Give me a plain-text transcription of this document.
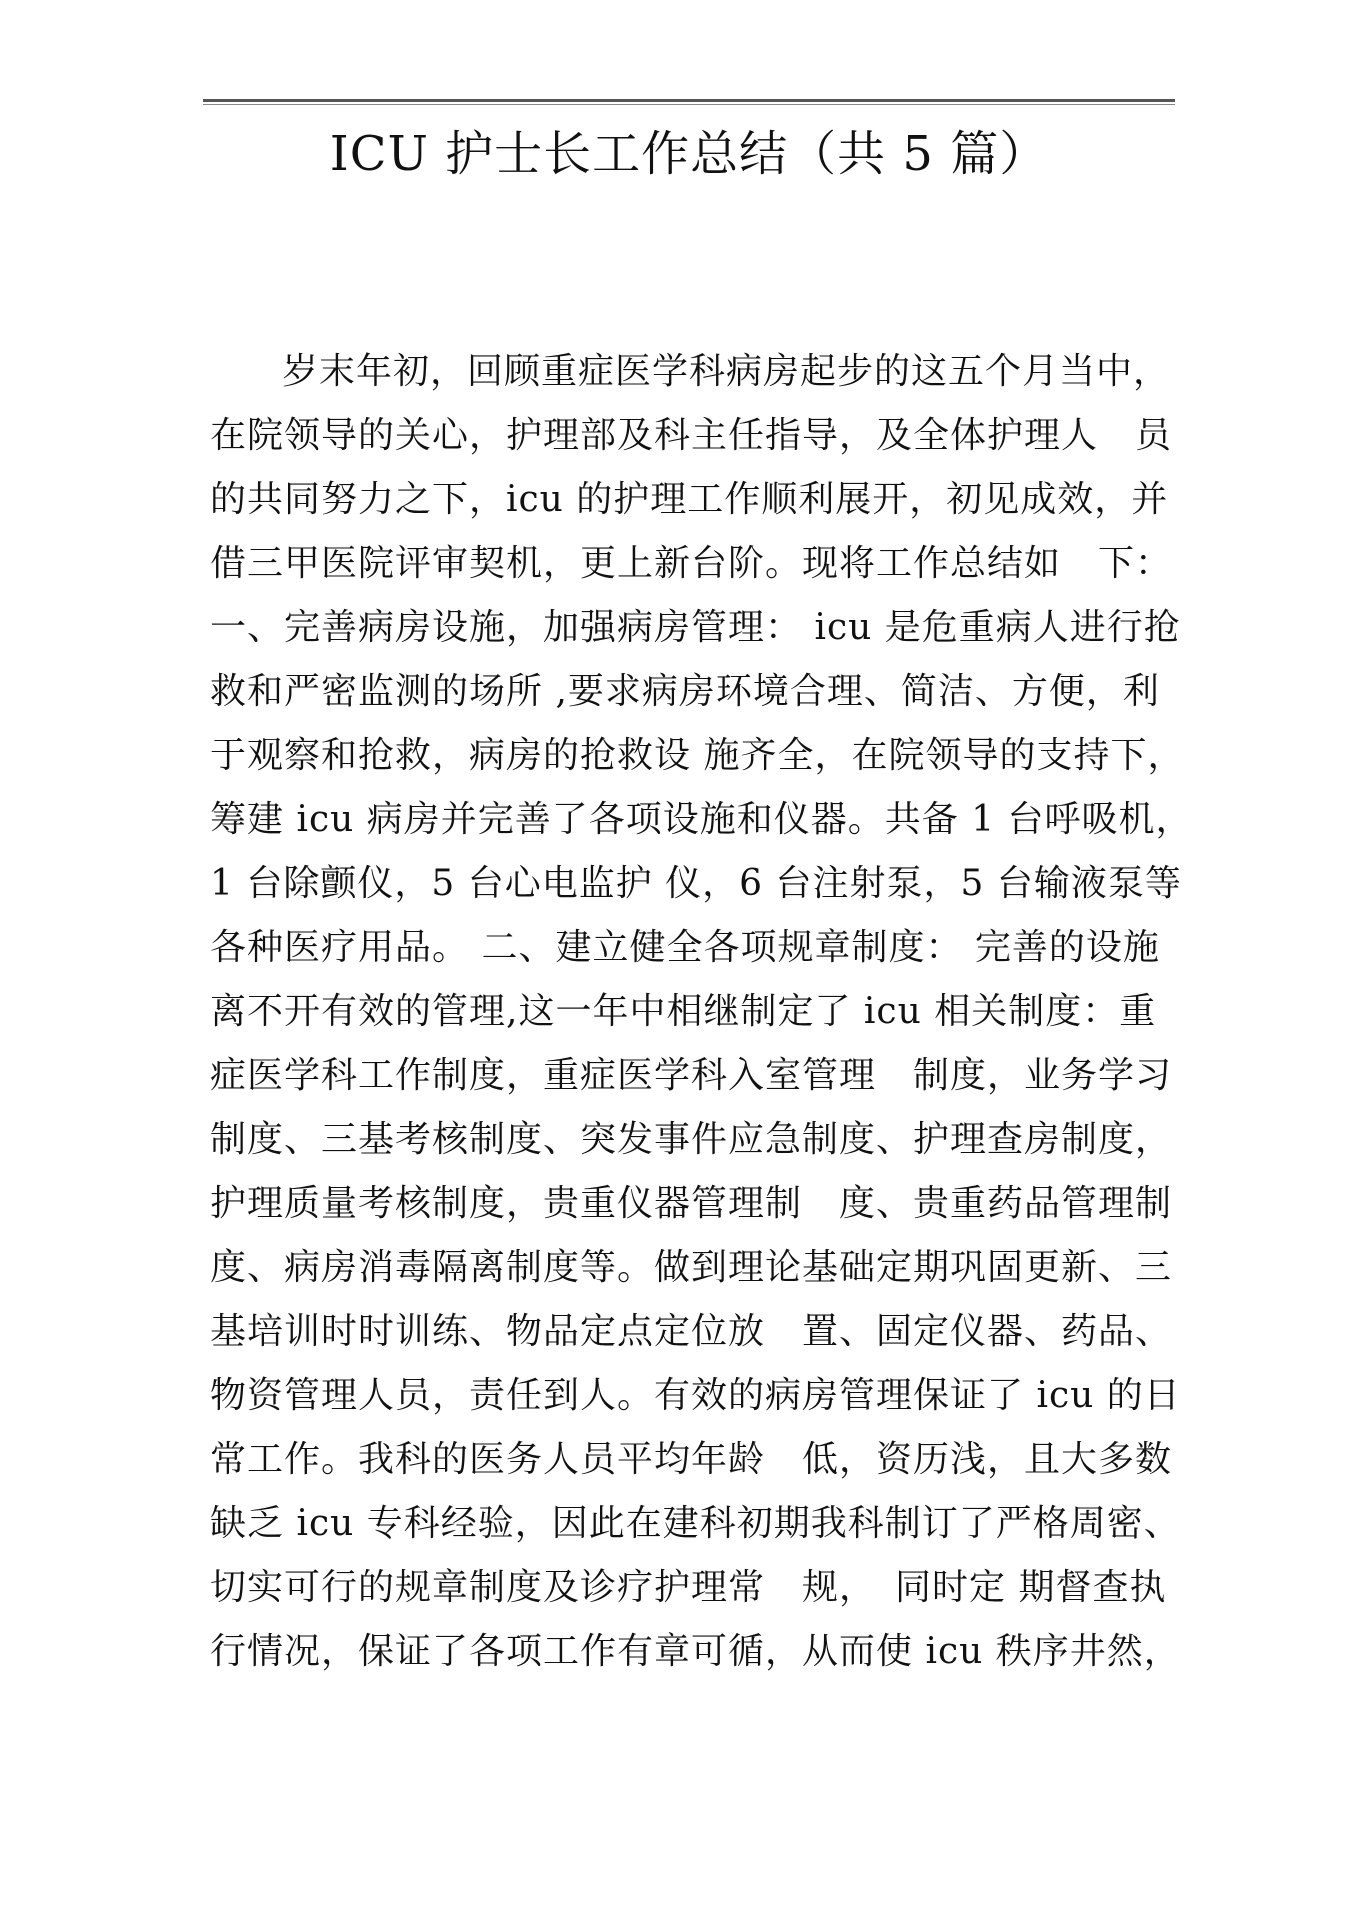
ICU 护士长工作总结（共 5 篇）
岁末年初，回顾重症医学科病房起步的这五个月当中，
在院领导的关心，护理部及科主任指导，及全体护理人　员
的共同努力之下，icu 的护理工作顺利展开，初见成效，并
借三甲医院评审契机，更上新台阶。现将工作总结如　下：
一、完善病房设施，加强病房管理： icu 是危重病人进行抢
救和严密监测的场所 ,要求病房环境合理、简洁、方便，利
于观察和抢救，病房的抢救设 施齐全，在院领导的支持下，
筹建 icu 病房并完善了各项设施和仪器。共备 1 台呼吸机，
1 台除颤仪，5 台心电监护 仪，6 台注射泵，5 台输液泵等
各种医疗用品。 二、建立健全各项规章制度： 完善的设施
离不开有效的管理,这一年中相继制定了 icu 相关制度：重
症医学科工作制度，重症医学科入室管理　制度，业务学习
制度、三基考核制度、突发事件应急制度、护理查房制度，
护理质量考核制度，贵重仪器管理制　度、贵重药品管理制
度、病房消毒隔离制度等。做到理论基础定期巩固更新、三
基培训时时训练、物品定点定位放　置、固定仪器、药品、
物资管理人员，责任到人。有效的病房管理保证了 icu 的日
常工作。我科的医务人员平均年龄　低，资历浅，且大多数
缺乏 icu 专科经验，因此在建科初期我科制订了严格周密、
切实可行的规章制度及诊疗护理常　规，　同时定 期督查执
行情况，保证了各项工作有章可循，从而使 icu 秩序井然，
